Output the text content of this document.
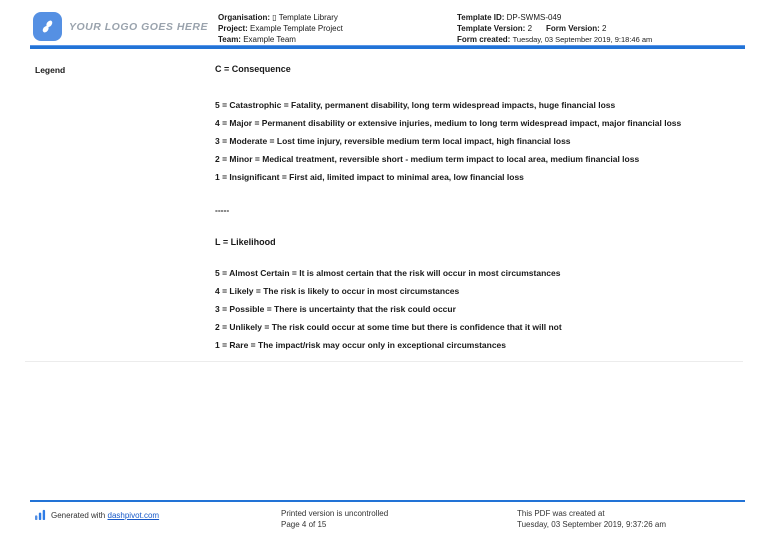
YOUR LOGO GOES HERE
Organisation: ▯ Template Library
Project: Example Template Project
Team: Example Team
Template ID: DP-SWMS-049
Template Version: 2 Form Version: 2
Form created: Tuesday, 03 September 2019, 9:18:46 am
Legend	C = Consequence
5 = Catastrophic = Fatality, permanent disability, long term widespread impacts, huge financial loss
4 = Major = Permanent disability or extensive injuries, medium to long term widespread impact, major financial loss
3 = Moderate = Lost time injury, reversible medium term local impact, high financial loss
2 = Minor = Medical treatment, reversible short - medium term impact to local area, medium financial loss
1 = Insignificant = First aid, limited impact to minimal area, low financial loss
-----
L = Likelihood
5 = Almost Certain = It is almost certain that the risk will occur in most circumstances
4 = Likely = The risk is likely to occur in most circumstances
3 = Possible = There is uncertainty that the risk could occur
2 = Unlikely = The risk could occur at some time but there is confidence that it will not
1 = Rare = The impact/risk may occur only in exceptional circumstances
Generated with dashpivot.com	Printed version is uncontrolled
Page 4 of 15
This PDF was created at
Tuesday, 03 September 2019, 9:37:26 am
